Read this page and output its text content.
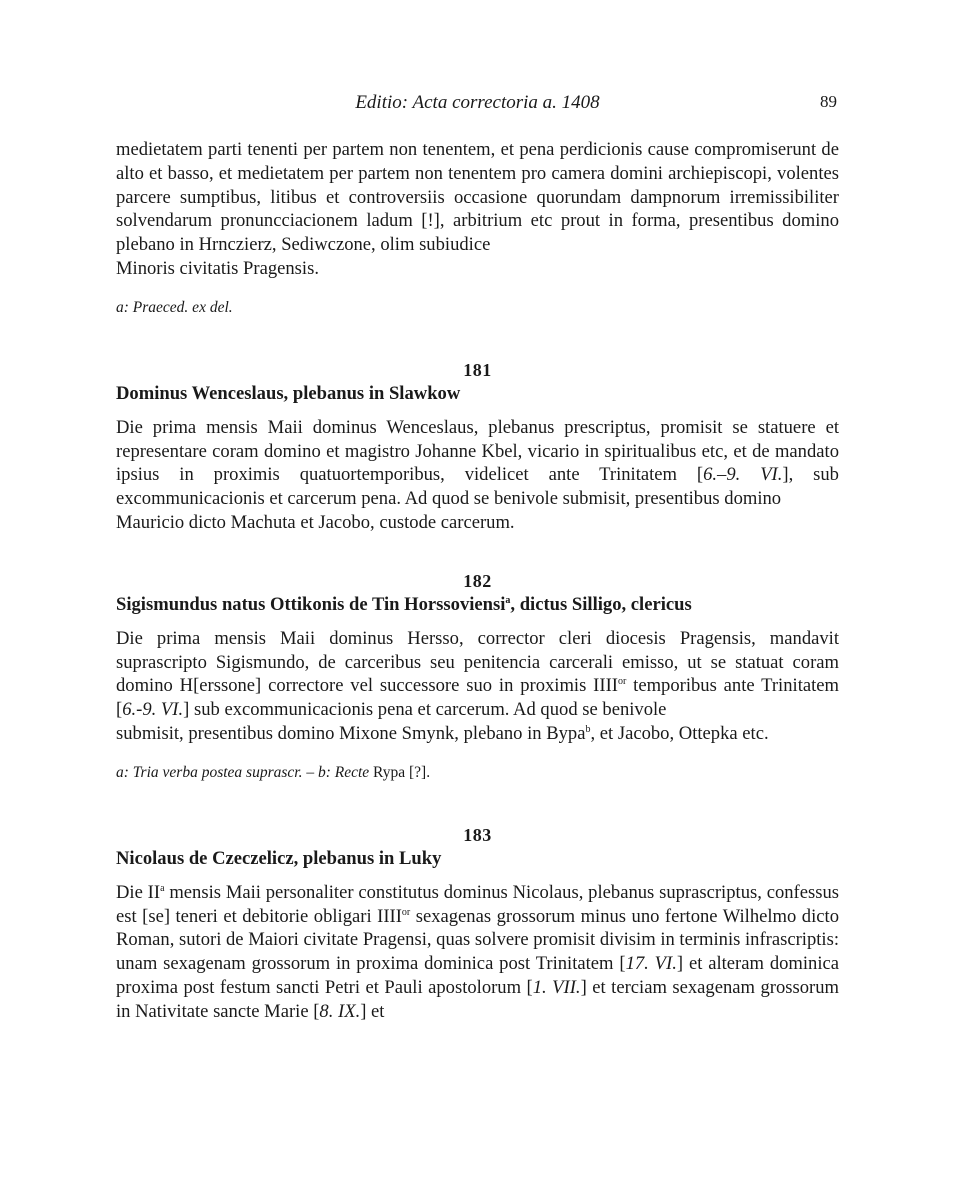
Editio: Acta correctoria a. 1408	89

medietatem parti tenenti per partem non tenentem, et pena perdicionis cause compromiserunt de alto et basso, et medietatem per partem non tenentem pro camera domini archiepiscopi, volentes parcere sumptibus, litibus et controversiis occasione quorundam dampnorum irremissibiliter solvendarum pronuncciacionem ladum [!], arbitrium etc prout in forma, presentibus domino plebano in Hrnczierz, Sediwczone, olim subiudice
Minoris civitatis Pragensis.

a: Praeced. ex del.

181
Dominus Wenceslaus, plebanus in Slawkow

Die prima mensis Maii dominus Wenceslaus, plebanus prescriptus, promisit se statuere et representare coram domino et magistro Johanne Kbel, vicario in spiritualibus etc, et de mandato ipsius in proximis quatuortemporibus, videlicet ante Trinitatem [6.–9. VI.], sub excommunicacionis et carcerum pena. Ad quod se benivole submisit, presentibus domino
Mauricio dicto Machuta et Jacobo, custode carcerum.

182
Sigismundus natus Ottikonis de Tin Horssoviensi$^a$, dictus Silligo, clericus

Die prima mensis Maii dominus Hersso, corrector cleri diocesis Pragensis, mandavit suprascripto Sigismundo, de carceribus seu penitencia carcerali emisso, ut se statuat coram domino H[erssone] correctore vel successore suo in proximis $IIII^{or}$ temporibus ante Trinitatem [6.-9. VI.] sub excommunicacionis pena et carcerum. Ad quod se benivole
submisit, presentibus domino Mixone Smynk, plebano in Bypa$^b$, et Jacobo, Ottepka etc.

a: Tria verba postea suprascr. – b: Recte Rypa [?].

183
Nicolaus de Czeczelicz, plebanus in Luky

Die $II^a$ mensis Maii personaliter constitutus dominus Nicolaus, plebanus suprascriptus, confessus est [se] teneri et debitorie obligari $IIII^{or}$ sexagenas grossorum minus uno fertone Wilhelmo dicto Roman, sutori de Maiori civitate Pragensi, quas solvere promisit divisim in terminis infrascriptis: unam sexagenam grossorum in proxima dominica post Trinitatem [17. VI.] et alteram dominica proxima post festum sancti Petri et Pauli apostolorum [1. VII.] et terciam sexagenam grossorum in Nativitate sancte Marie [8. IX.] et
